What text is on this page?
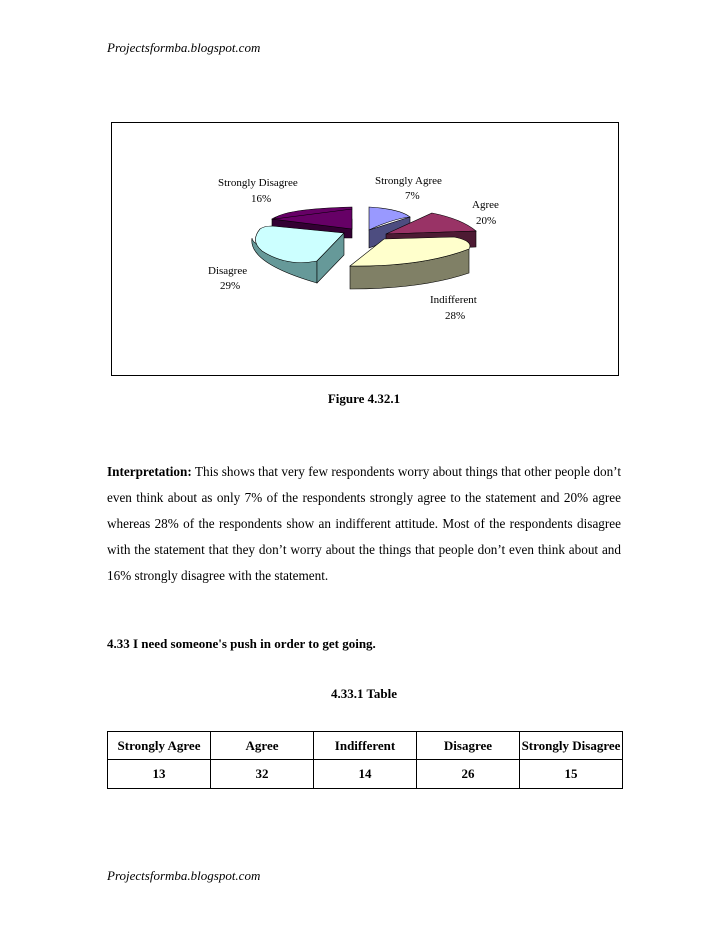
Projectsformba.blogspot.com
Strongly Disagree
16%
Strongly Agree
7%
Agree
20%
Disagree
29%
Indifferent
28%
Figure 4.32.1
Interpretation: This shows that very few respondents worry about things that other people don’t even think about as only 7% of the respondents strongly agree to the statement and 20% agree whereas 28% of the respondents show an indifferent attitude. Most of the respondents disagree with the statement that they don’t worry about the things that people don’t even think about and 16% strongly disagree with the statement.
4.33 I need someone's push in order to get going.
4.33.1 Table
Strongly Agree	Agree	Indifferent	Disagree	Strongly Disagree
13	32	14	26	15
Projectsformba.blogspot.com
